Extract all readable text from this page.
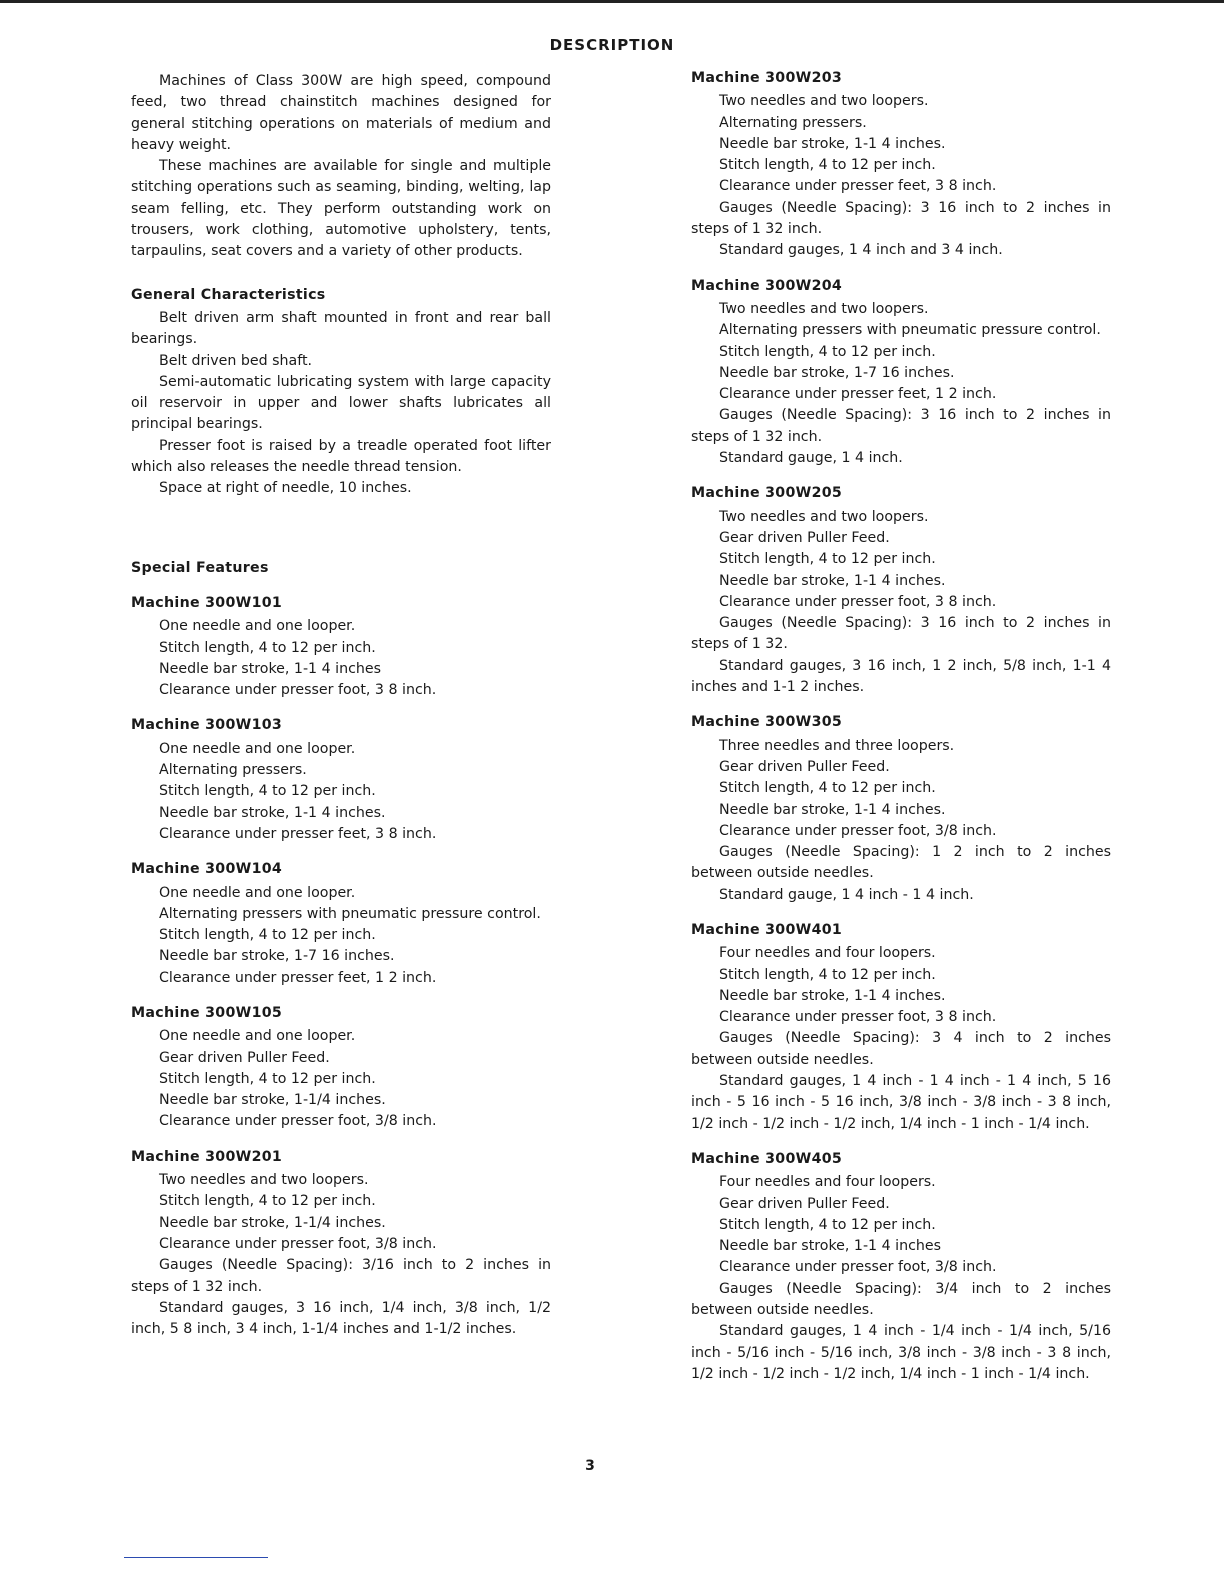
DESCRIPTION

Machines of Class 300W are high speed, compound feed, two thread chainstitch machines designed for general stitching operations on materials of medium and heavy weight.

These machines are available for single and multiple stitching operations such as seaming, binding, welting, lap seam felling, etc. They perform outstanding work on trousers, work clothing, automotive upholstery, tents, tarpaulins, seat covers and a variety of other products.

General Characteristics

Belt driven arm shaft mounted in front and rear ball bearings.

Belt driven bed shaft.

Semi-automatic lubricating system with large capacity oil reservoir in upper and lower shafts lubricates all principal bearings.

Presser foot is raised by a treadle operated foot lifter which also releases the needle thread tension.

Space at right of needle, 10 inches.

Special Features
Machine 300W101

One needle and one looper.

Stitch length, 4 to 12 per inch.

Needle bar stroke, 1-1 4 inches

Clearance under presser foot, 3 8 inch.

Machine 300W103

One needle and one looper.

Alternating pressers.

Stitch length, 4 to 12 per inch.

Needle bar stroke, 1-1 4 inches.

Clearance under presser feet, 3 8 inch.

Machine 300W104

One needle and one looper.

Alternating pressers with pneumatic pressure control.

Stitch length, 4 to 12 per inch.

Needle bar stroke, 1-7 16 inches.

Clearance under presser feet, 1 2 inch.

Machine 300W105

One needle and one looper.

Gear driven Puller Feed.

Stitch length, 4 to 12 per inch.

Needle bar stroke, 1-1/4 inches.

Clearance under presser foot, 3/8 inch.

Machine 300W201

Two needles and two loopers.

Stitch length, 4 to 12 per inch.

Needle bar stroke, 1-1/4 inches.

Clearance under presser foot, 3/8 inch.

Gauges (Needle Spacing): 3/16 inch to 2 inches in steps of 1 32 inch.

Standard gauges, 3 16 inch, 1/4 inch, 3/8 inch, 1/2 inch, 5 8 inch, 3 4 inch, 1-1/4 inches and 1-1/2 inches.

Machine 300W203

Two needles and two loopers.

Alternating pressers.

Needle bar stroke, 1-1 4 inches.

Stitch length, 4 to 12 per inch.

Clearance under presser feet, 3 8 inch.

Gauges (Needle Spacing): 3 16 inch to 2 inches in steps of 1 32 inch.

Standard gauges, 1 4 inch and 3 4 inch.

Machine 300W204

Two needles and two loopers.

Alternating pressers with pneumatic pressure control.

Stitch length, 4 to 12 per inch.

Needle bar stroke, 1-7 16 inches.

Clearance under presser feet, 1 2 inch.

Gauges (Needle Spacing): 3 16 inch to 2 inches in steps of 1 32 inch.

Standard gauge, 1 4 inch.

Machine 300W205

Two needles and two loopers.

Gear driven Puller Feed.

Stitch length, 4 to 12 per inch.

Needle bar stroke, 1-1 4 inches.

Clearance under presser foot, 3 8 inch.

Gauges (Needle Spacing): 3 16 inch to 2 inches in steps of 1 32.

Standard gauges, 3 16 inch, 1 2 inch, 5/8 inch, 1-1 4 inches and 1-1 2 inches.

Machine 300W305

Three needles and three loopers.

Gear driven Puller Feed.

Stitch length, 4 to 12 per inch.

Needle bar stroke, 1-1 4 inches.

Clearance under presser foot, 3/8 inch.

Gauges (Needle Spacing): 1 2 inch to 2 inches between outside needles.

Standard gauge, 1 4 inch - 1 4 inch.

Machine 300W401

Four needles and four loopers.

Stitch length, 4 to 12 per inch.

Needle bar stroke, 1-1 4 inches.

Clearance under presser foot, 3 8 inch.

Gauges (Needle Spacing): 3 4 inch to 2 inches between outside needles.

Standard gauges, 1 4 inch - 1 4 inch - 1 4 inch, 5 16 inch - 5 16 inch - 5 16 inch, 3/8 inch - 3/8 inch - 3 8 inch, 1/2 inch - 1/2 inch - 1/2 inch, 1/4 inch - 1 inch - 1/4 inch.

Machine 300W405

Four needles and four loopers.

Gear driven Puller Feed.

Stitch length, 4 to 12 per inch.

Needle bar stroke, 1-1 4 inches

Clearance under presser foot, 3/8 inch.

Gauges (Needle Spacing): 3/4 inch to 2 inches between outside needles.

Standard gauges, 1 4 inch - 1/4 inch - 1/4 inch, 5/16 inch - 5/16 inch - 5/16 inch, 3/8 inch - 3/8 inch - 3 8 inch, 1/2 inch - 1/2 inch - 1/2 inch, 1/4 inch - 1 inch - 1/4 inch.

3
